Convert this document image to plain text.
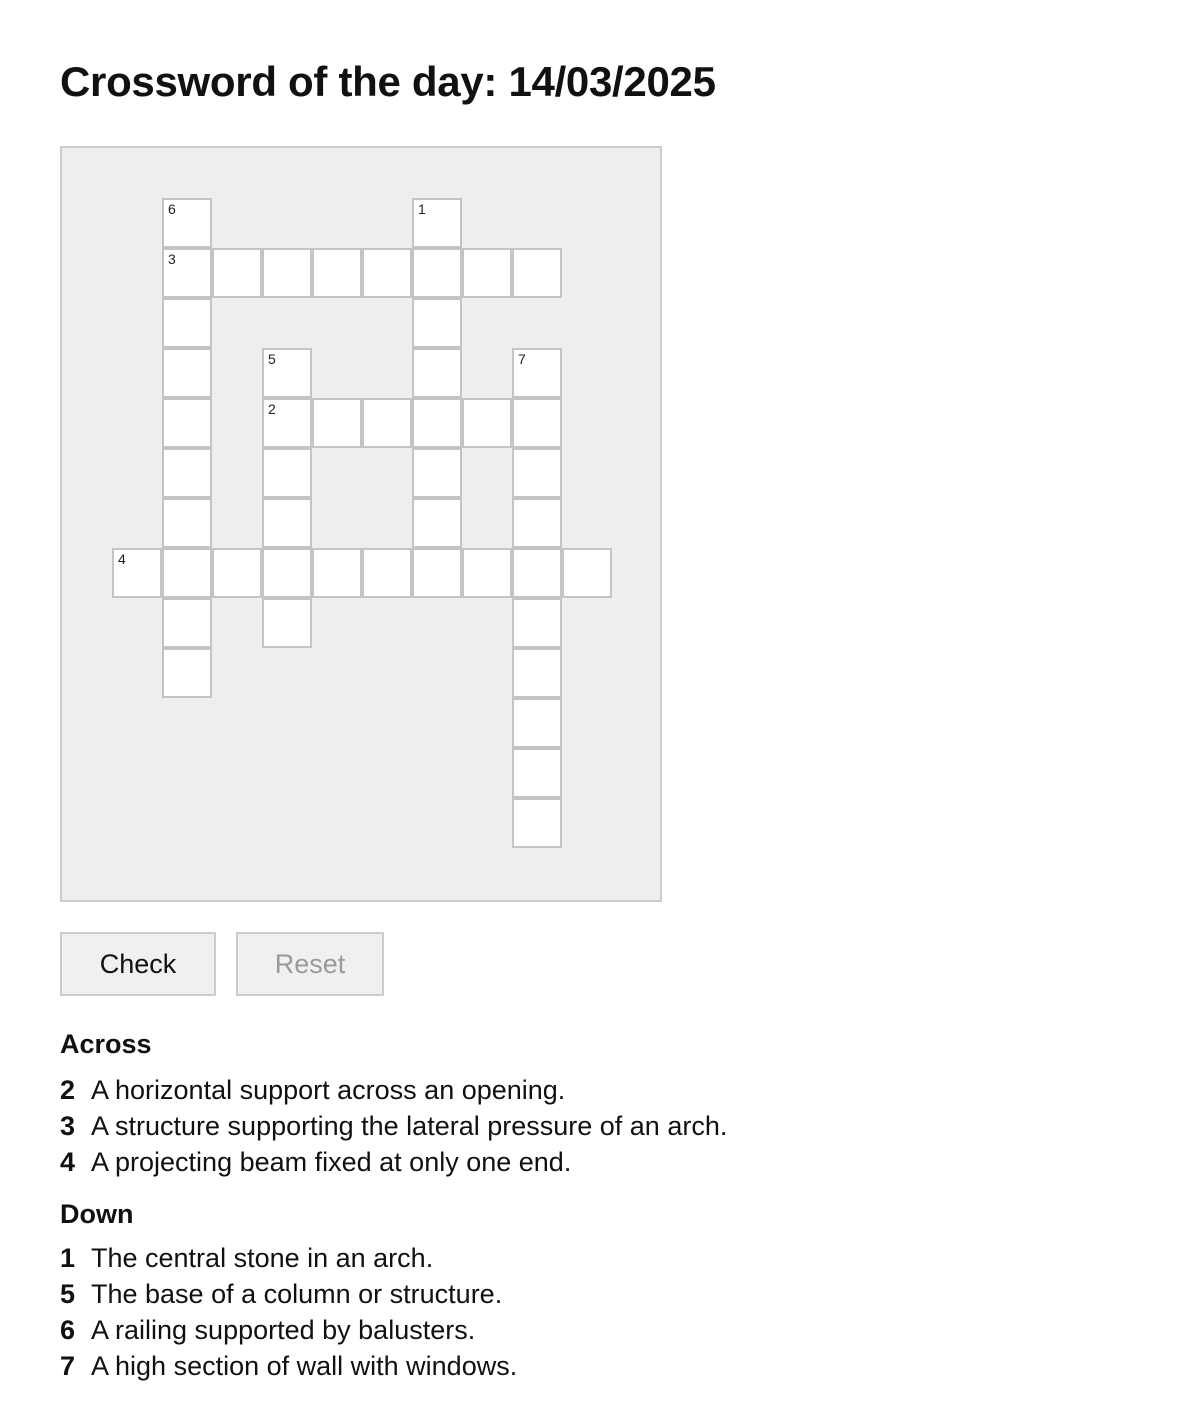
Crossword of the day: 14/03/2025
1
2
3
4
5
6
7
Check	Reset
Across
2 A horizontal support across an opening.
3 A structure supporting the lateral pressure of an arch.
4 A projecting beam fixed at only one end.
Down
1 The central stone in an arch.
5 The base of a column or structure.
6 A railing supported by balusters.
7 A high section of wall with windows.
